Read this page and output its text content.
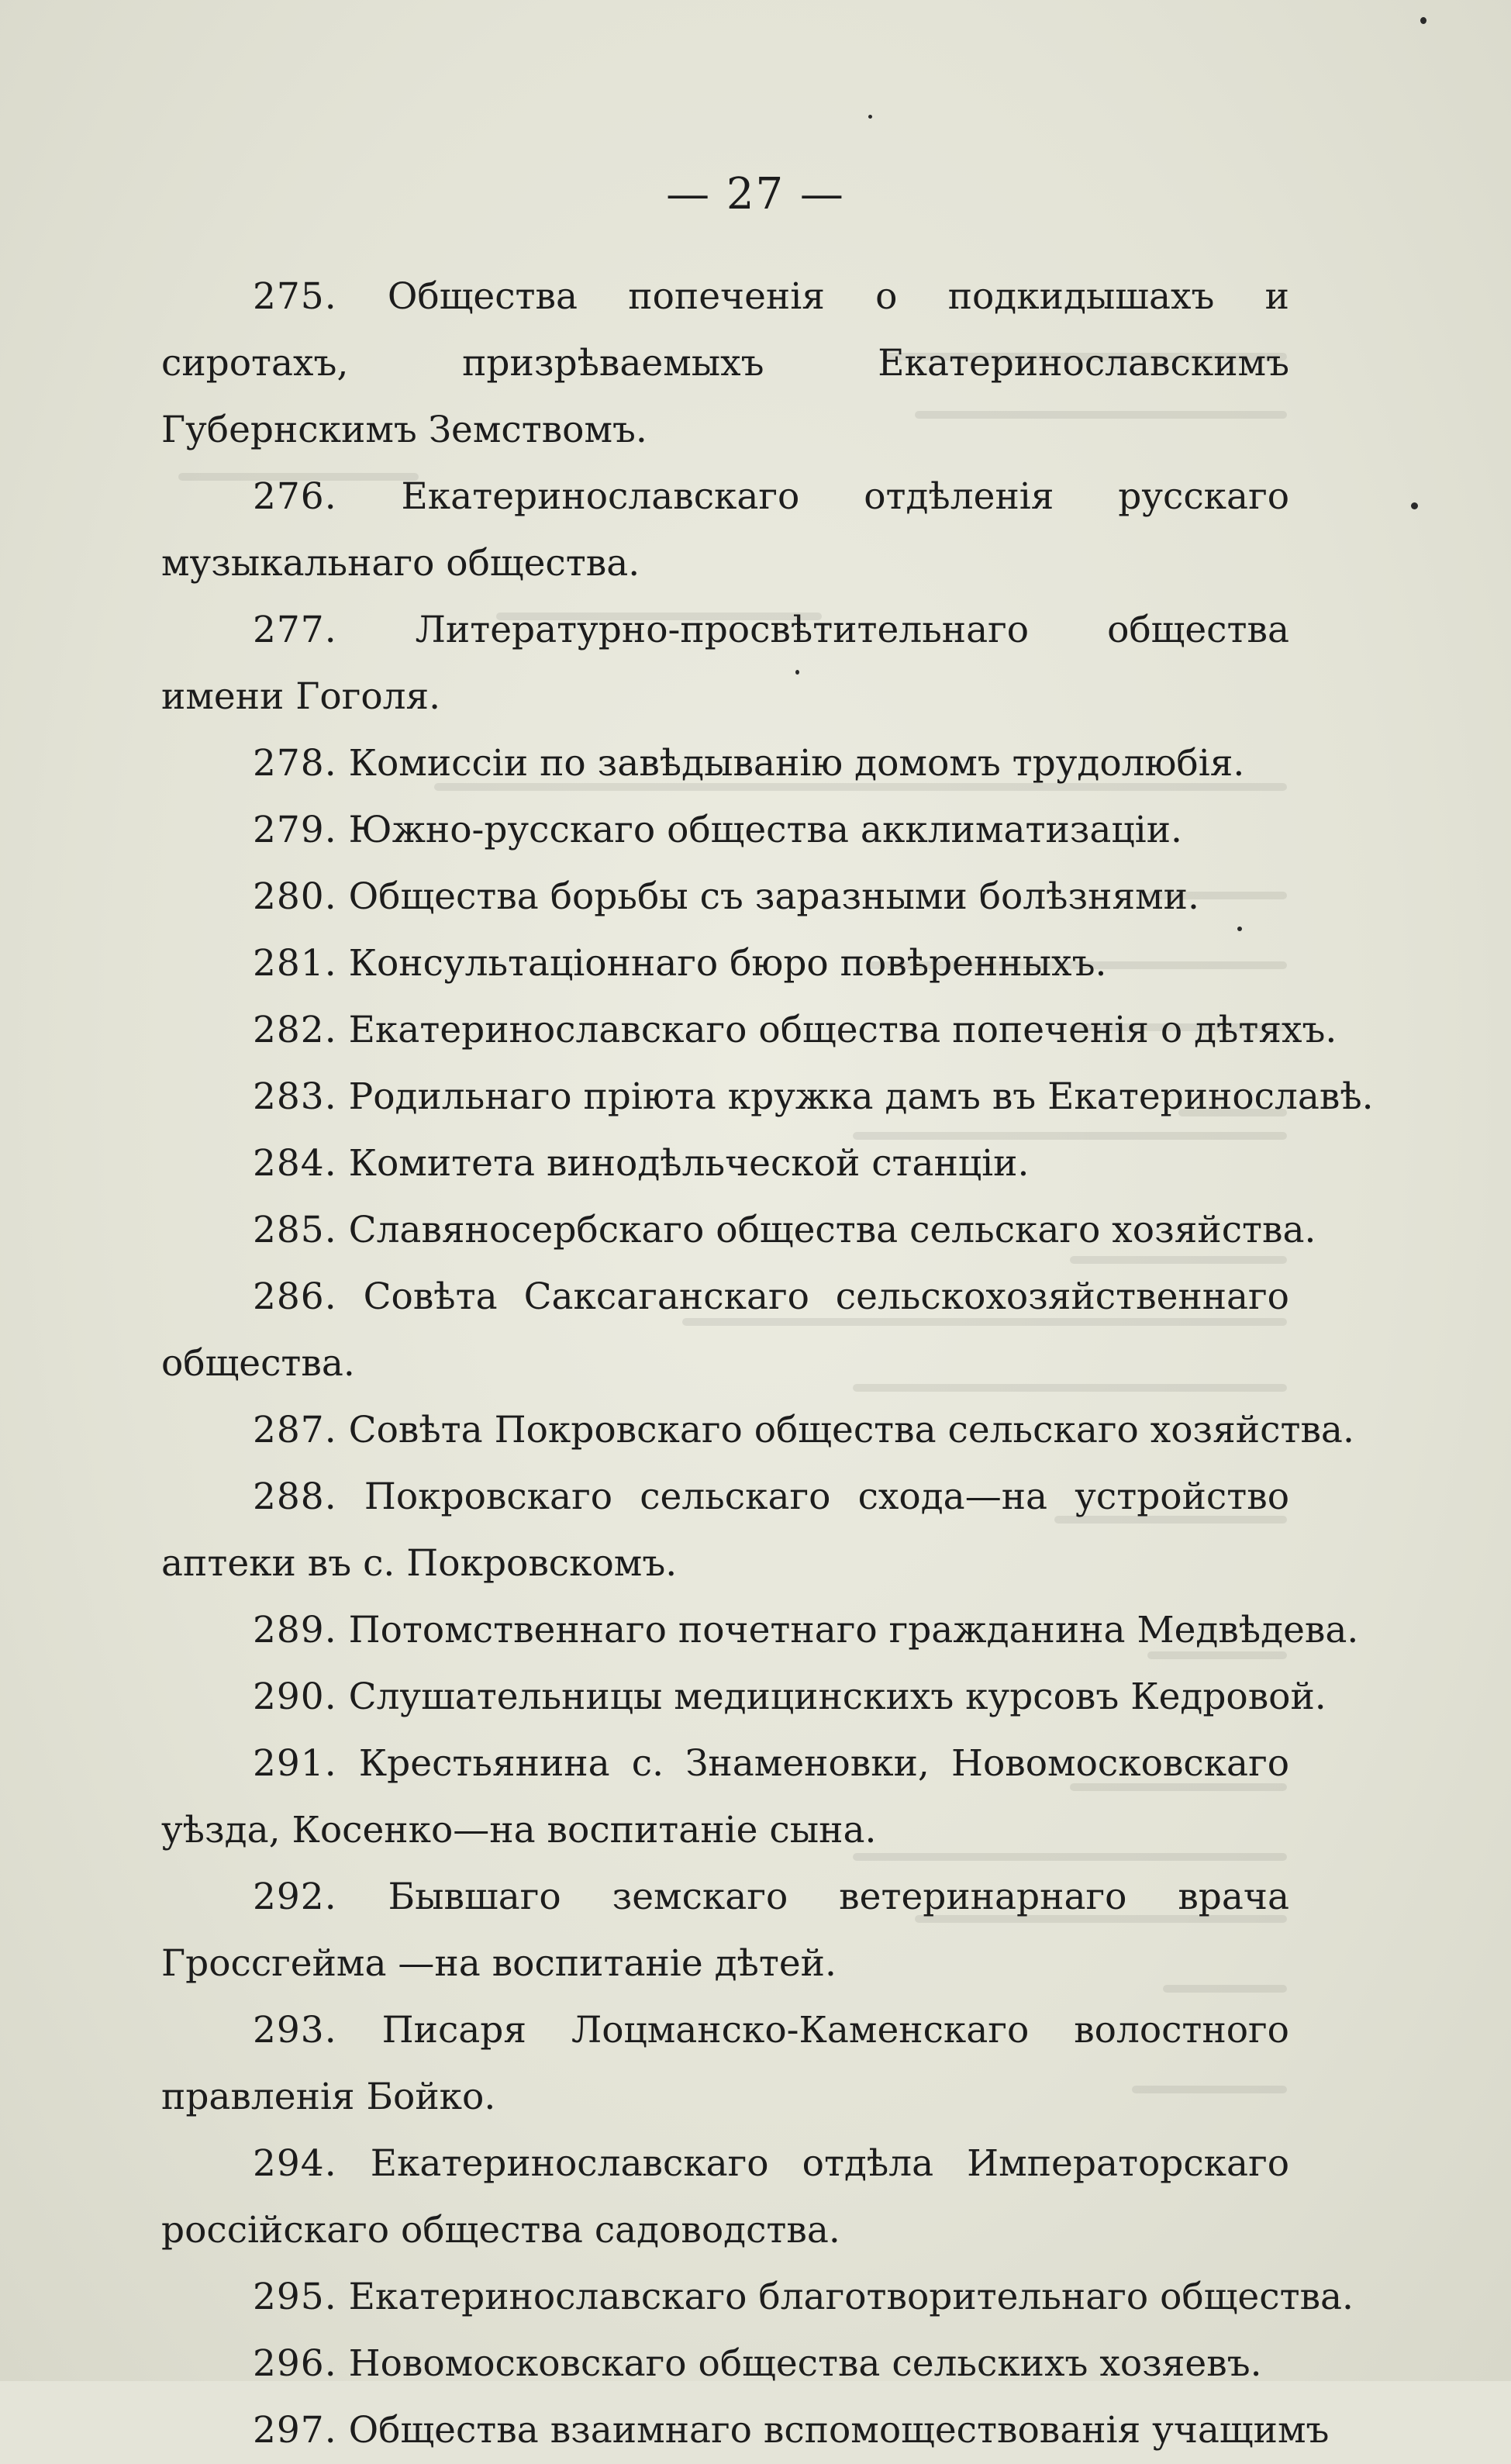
— 27 —

275. Общества попеченія о подкидышахъ и сиротахъ, призрѣваемыхъ Екатеринославскимъ Губернскимъ Земствомъ.

276. Екатеринославскаго отдѣленія русскаго музыкальнаго общества.

277. Литературно-просвѣтительнаго общества имени Гоголя.

278. Комиссіи по завѣдыванію домомъ трудолюбія.

279. Южно-русскаго общества акклиматизаціи.

280. Общества борьбы съ заразными болѣзнями.

281. Консультаціоннаго бюро повѣренныхъ.

282. Екатеринославскаго общества попеченія о дѣтяхъ.

283. Родильнаго пріюта кружка дамъ въ Екатеринославѣ.

284. Комитета винодѣльческой станціи.

285. Славяносербскаго общества сельскаго хозяйства.

286. Совѣта Саксаганскаго сельскохозяйственнаго общества.

287. Совѣта Покровскаго общества сельскаго хозяйства.

288. Покровскаго сельскаго схода—на устройство аптеки въ с. Покровскомъ.

289. Потомственнаго почетнаго гражданина Медвѣдева.

290. Слушательницы медицинскихъ курсовъ Кедровой.

291. Крестьянина с. Знаменовки, Новомосковскаго уѣзда, Косенко—на воспитаніе сына.

292. Бывшаго земскаго ветеринарнаго врача Гроссгейма —на воспитаніе дѣтей.

293. Писаря Лоцманско-Каменскаго волостного правленія Бойко.

294. Екатеринославскаго отдѣла Императорскаго россійскаго общества садоводства.

295. Екатеринославскаго благотворительнаго общества.

296. Новомосковскаго общества сельскихъ хозяевъ.

297. Общества взаимнаго вспомоществованія учащимъ
